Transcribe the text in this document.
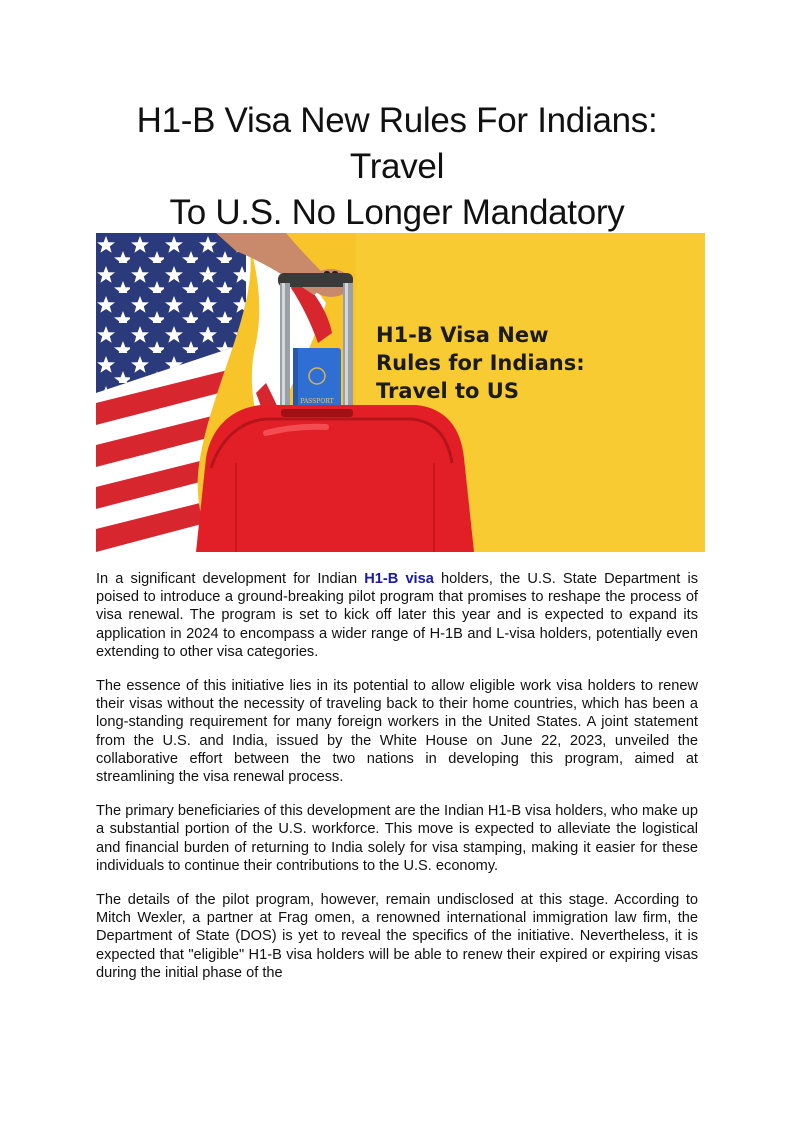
H1-B Visa New Rules For Indians: Travel
To U.S. No Longer Mandatory
PASSPORT
H1-B Visa New
Rules for Indians:
Travel to US

In a significant development for Indian H1-B visa holders, the U.S. State Department is poised to introduce a ground-breaking pilot program that promises to reshape the process of visa renewal. The program is set to kick off later this year and is expected to expand its application in 2024 to encompass a wider range of H-1B and L-visa holders, potentially even extending to other visa categories.

The essence of this initiative lies in its potential to allow eligible work visa holders to renew their visas without the necessity of traveling back to their home countries, which has been a long-standing requirement for many foreign workers in the United States. A joint statement from the U.S. and India, issued by the White House on June 22, 2023, unveiled the collaborative effort between the two nations in developing this program, aimed at streamlining the visa renewal process.

The primary beneficiaries of this development are the Indian H1-B visa holders, who make up a substantial portion of the U.S. workforce. This move is expected to alleviate the logistical and financial burden of returning to India solely for visa stamping, making it easier for these individuals to continue their contributions to the U.S. economy.

The details of the pilot program, however, remain undisclosed at this stage. According to Mitch Wexler, a partner at Frag omen, a renowned international immigration law firm, the Department of State (DOS) is yet to reveal the specifics of the initiative. Nevertheless, it is expected that "eligible" H1-B visa holders will be able to renew their expired or expiring visas during the initial phase of the
